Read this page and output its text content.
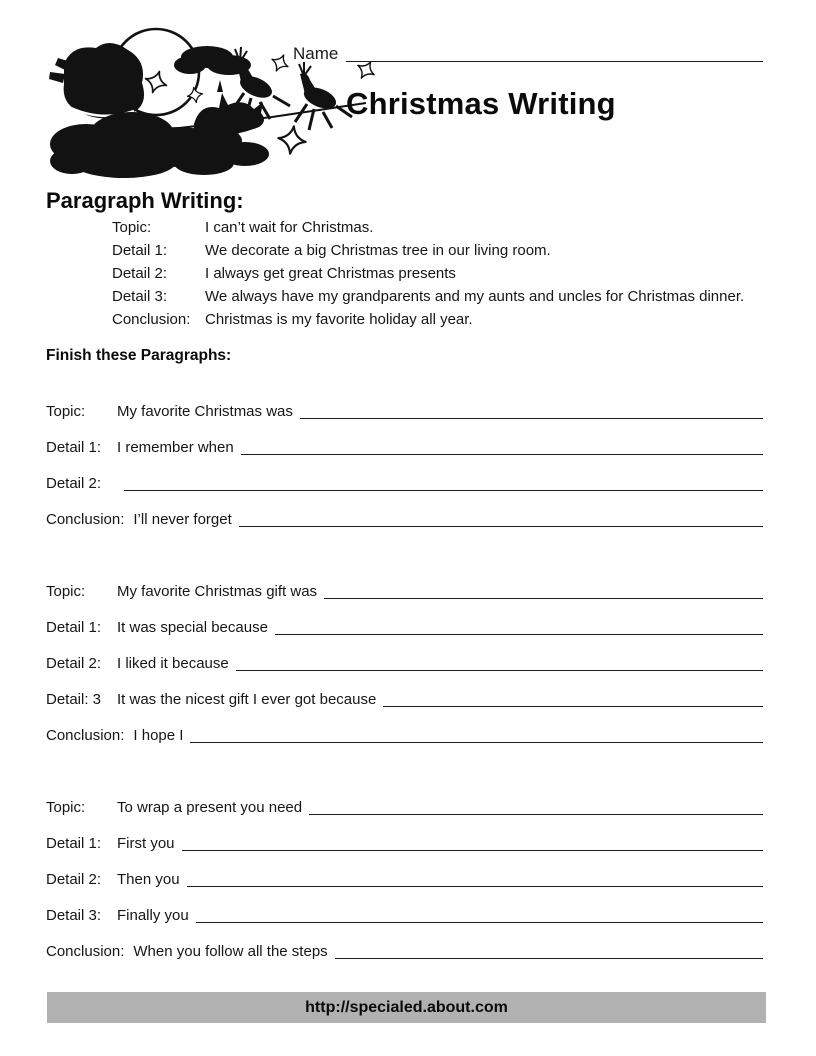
Name
Christmas Writing
Paragraph Writing:
Topic:	I can’t wait for Christmas.
Detail 1:	We decorate a big Christmas tree in our living room.
Detail 2:	I always get great Christmas presents
Detail 3:	We always have my grandparents and my aunts and uncles for Christmas dinner.
Conclusion: Christmas is my favorite holiday all year.
Finish these Paragraphs:
Topic:	My favorite Christmas was
Detail 1:	I remember when
Detail 2:
Conclusion: I’ll never forget
Topic:	My favorite Christmas gift was
Detail 1:	It was special because
Detail 2:	I liked it because
Detail: 3	It was the nicest gift I ever got because
Conclusion: I hope I
Topic:	To wrap a present you need
Detail 1:	First you
Detail 2:	Then you
Detail 3:	Finally you
Conclusion: When you follow all the steps
http://specialed.about.com
